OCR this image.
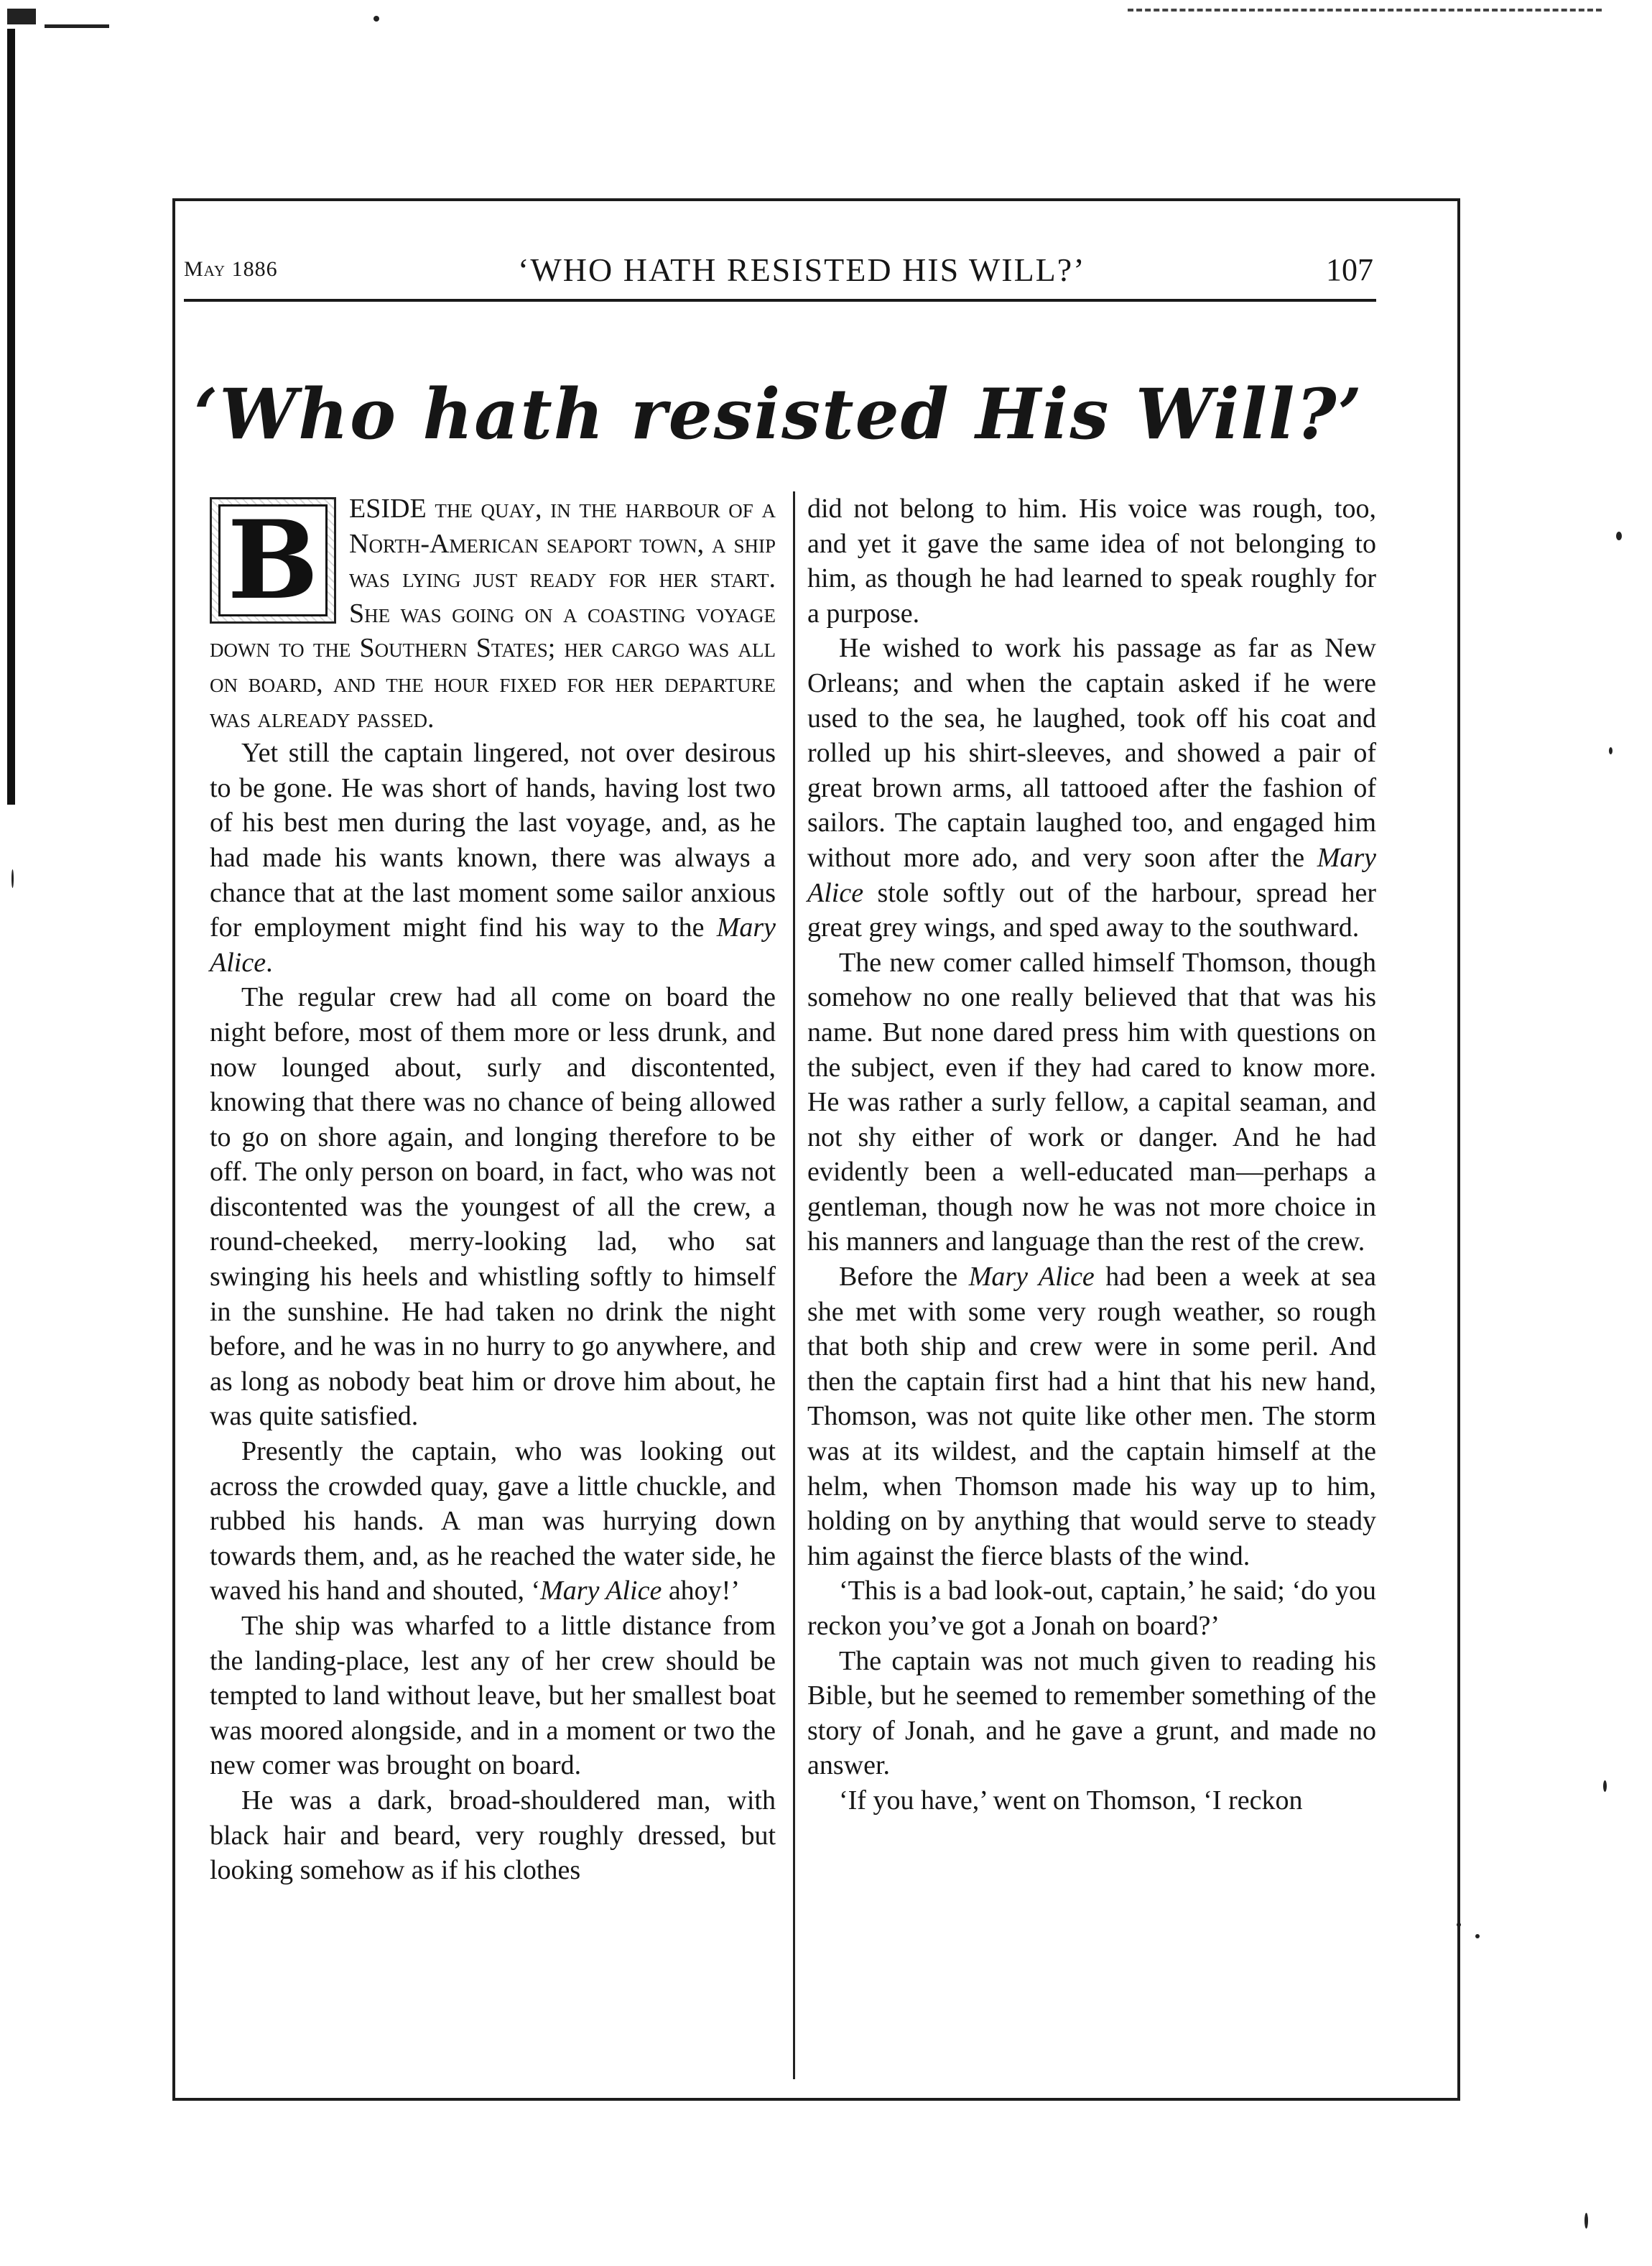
May 1886	‘WHO HATH RESISTED HIS WILL?’	107
‘Who hath resisted His Will?’
B	ESIDE the quay, in the harbour of a North-American seaport town, a ship was lying just ready for her start. She was going on a coasting voyage down to the Southern States; her cargo was all on board, and the hour fixed for her departure was already passed.

Yet still the captain lingered, not over desirous to be gone. He was short of hands, having lost two of his best men during the last voyage, and, as he had made his wants known, there was always a chance that at the last moment some sailor anxious for employment might find his way to the Mary Alice.

The regular crew had all come on board the night before, most of them more or less drunk, and now lounged about, surly and discontented, knowing that there was no chance of being allowed to go on shore again, and longing therefore to be off. The only person on board, in fact, who was not discontented was the youngest of all the crew, a round-cheeked, merry-looking lad, who sat swinging his heels and whistling softly to himself in the sunshine. He had taken no drink the night before, and he was in no hurry to go anywhere, and as long as nobody beat him or drove him about, he was quite satisfied.

Presently the captain, who was looking out across the crowded quay, gave a little chuckle, and rubbed his hands. A man was hurrying down towards them, and, as he reached the water side, he waved his hand and shouted, ‘Mary Alice ahoy!’

The ship was wharfed to a little distance from the landing-place, lest any of her crew should be tempted to land without leave, but her smallest boat was moored alongside, and in a moment or two the new comer was brought on board.

He was a dark, broad-shouldered man, with black hair and beard, very roughly dressed, but looking somehow as if his clothes

did not belong to him. His voice was rough, too, and yet it gave the same idea of not belonging to him, as though he had learned to speak roughly for a purpose.

He wished to work his passage as far as New Orleans; and when the captain asked if he were used to the sea, he laughed, took off his coat and rolled up his shirt-sleeves, and showed a pair of great brown arms, all tattooed after the fashion of sailors. The captain laughed too, and engaged him without more ado, and very soon after the Mary Alice stole softly out of the harbour, spread her great grey wings, and sped away to the southward.

The new comer called himself Thomson, though somehow no one really believed that that was his name. But none dared press him with questions on the subject, even if they had cared to know more. He was rather a surly fellow, a capital seaman, and not shy either of work or danger. And he had evidently been a well-educated man—perhaps a gentleman, though now he was not more choice in his manners and language than the rest of the crew.

Before the Mary Alice had been a week at sea she met with some very rough weather, so rough that both ship and crew were in some peril. And then the captain first had a hint that his new hand, Thomson, was not quite like other men. The storm was at its wildest, and the captain himself at the helm, when Thomson made his way up to him, holding on by anything that would serve to steady him against the fierce blasts of the wind.

‘This is a bad look-out, captain,’ he said; ‘do you reckon you’ve got a Jonah on board?’

The captain was not much given to reading his Bible, but he seemed to remember something of the story of Jonah, and he gave a grunt, and made no answer.

‘If you have,’ went on Thomson, ‘I reckon
